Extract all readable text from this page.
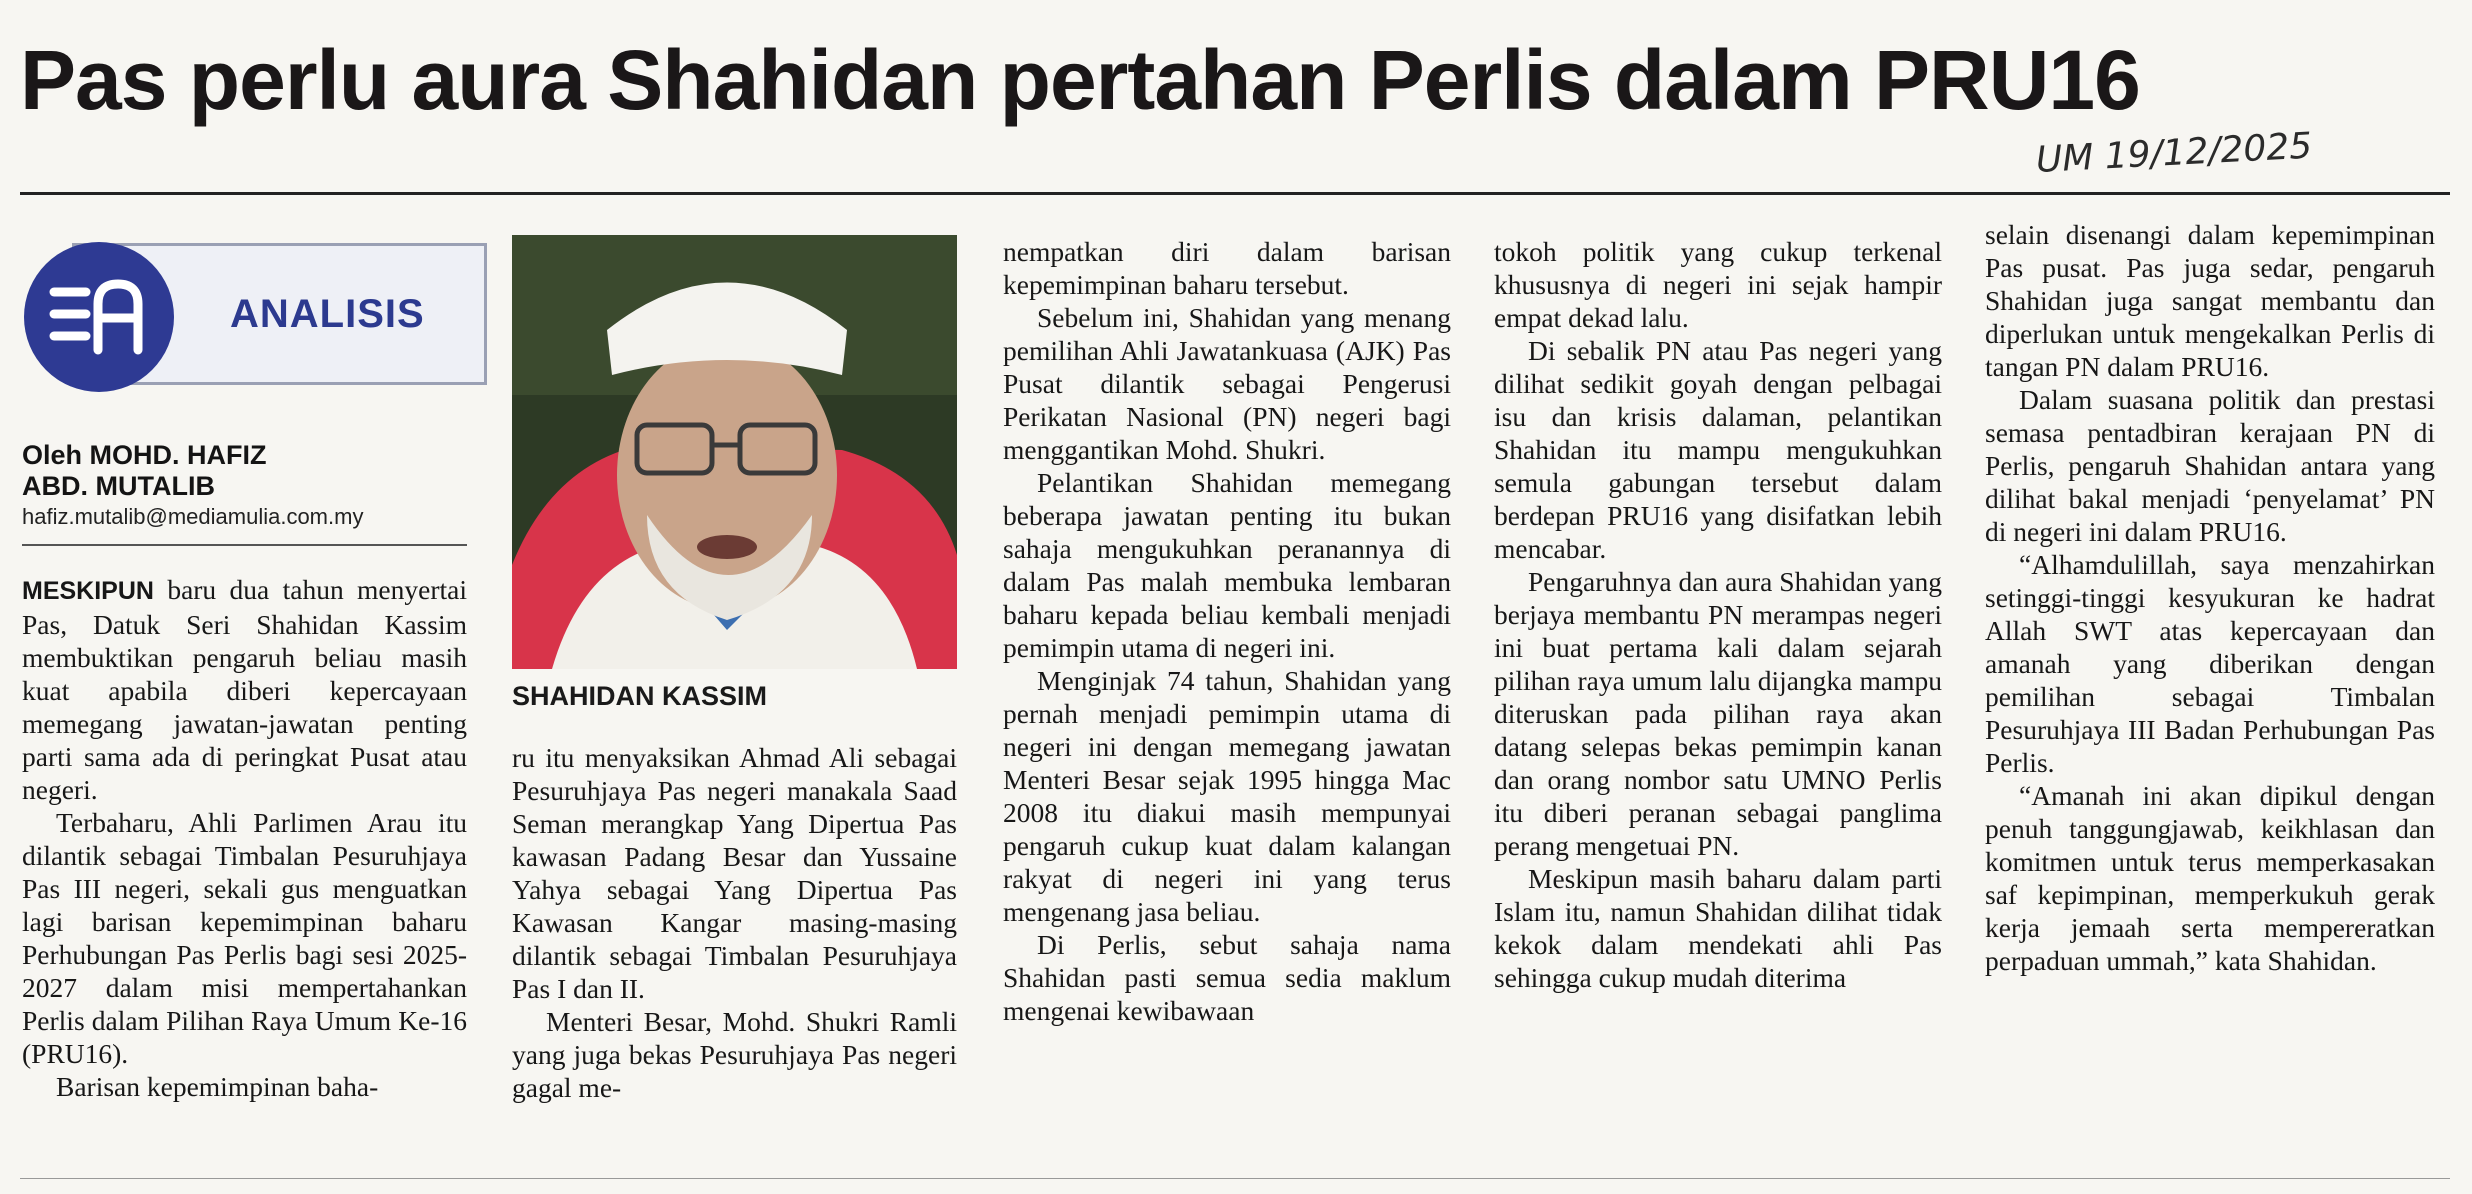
Pas perlu aura Shahidan pertahan Perlis dalam PRU16
UM 19/12/2025
ANALISIS
Oleh MOHD. HAFIZ
ABD. MUTALIB
hafiz.mutalib@mediamulia.com.my
SHAHIDAN KASSIM

MESKIPUN baru dua tahun menyertai Pas, Datuk Seri Shahidan Kassim membuktikan pengaruh beliau masih kuat apabila diberi kepercayaan memegang jawatan-jawatan penting parti sama ada di peringkat Pusat atau negeri.

Terbaharu, Ahli Parlimen Arau itu dilantik sebagai Timbalan Pesuruhjaya Pas III negeri, sekali gus menguatkan lagi barisan kepemimpinan baharu Perhubungan Pas Perlis bagi sesi 2025-2027 dalam misi mempertahankan Perlis dalam Pilihan Raya Umum Ke-16 (PRU16).

Barisan kepemimpinan baha-

ru itu menyaksikan Ahmad Ali sebagai Pesuruhjaya Pas negeri manakala Saad Seman merangkap Yang Dipertua Pas kawasan Padang Besar dan Yussaine Yahya sebagai Yang Dipertua Pas Kawasan Kangar masing-masing dilantik sebagai Timbalan Pesuruhjaya Pas I dan II.

Menteri Besar, Mohd. Shukri Ramli yang juga bekas Pesuruhjaya Pas negeri gagal me-

nempatkan diri dalam barisan kepemimpinan baharu tersebut.

Sebelum ini, Shahidan yang menang pemilihan Ahli Jawatankuasa (AJK) Pas Pusat dilantik sebagai Pengerusi Perikatan Nasional (PN) negeri bagi menggantikan Mohd. Shukri.

Pelantikan Shahidan memegang beberapa jawatan penting itu bukan sahaja mengukuhkan peranannya di dalam Pas malah membuka lembaran baharu kepada beliau kembali menjadi pemimpin utama di negeri ini.

Menginjak 74 tahun, Shahidan yang pernah menjadi pemimpin utama di negeri ini dengan memegang jawatan Menteri Besar sejak 1995 hingga Mac 2008 itu diakui masih mempunyai pengaruh cukup kuat dalam kalangan rakyat di negeri ini yang terus mengenang jasa beliau.

Di Perlis, sebut sahaja nama Shahidan pasti semua sedia maklum mengenai kewibawaan

tokoh politik yang cukup terkenal khususnya di negeri ini sejak hampir empat dekad lalu.

Di sebalik PN atau Pas negeri yang dilihat sedikit goyah dengan pelbagai isu dan krisis dalaman, pelantikan Shahidan itu mampu mengukuhkan semula gabungan tersebut dalam berdepan PRU16 yang disifatkan lebih mencabar.

Pengaruhnya dan aura Shahidan yang berjaya membantu PN merampas negeri ini buat pertama kali dalam sejarah pilihan raya umum lalu dijangka mampu diteruskan pada pilihan raya akan datang selepas bekas pemimpin kanan dan orang nombor satu UMNO Perlis itu diberi peranan sebagai panglima perang mengetuai PN.

Meskipun masih baharu dalam parti Islam itu, namun Shahidan dilihat tidak kekok dalam mendekati ahli Pas sehingga cukup mudah diterima

selain disenangi dalam kepemimpinan Pas pusat. Pas juga sedar, pengaruh Shahidan juga sangat membantu dan diperlukan untuk mengekalkan Perlis di tangan PN dalam PRU16.

Dalam suasana politik dan prestasi semasa pentadbiran kerajaan PN di Perlis, pengaruh Shahidan antara yang dilihat bakal menjadi ‘penyelamat’ PN di negeri ini dalam PRU16.

“Alhamdulillah, saya menzahirkan setinggi-tinggi kesyukuran ke hadrat Allah SWT atas kepercayaan dan amanah yang diberikan dengan pemilihan sebagai Timbalan Pesuruhjaya III Badan Perhubungan Pas Perlis.

“Amanah ini akan dipikul dengan penuh tanggungjawab, keikhlasan dan komitmen untuk terus memperkasakan saf kepimpinan, memperkukuh gerak kerja jemaah serta mempereratkan perpaduan ummah,” kata Shahidan.
